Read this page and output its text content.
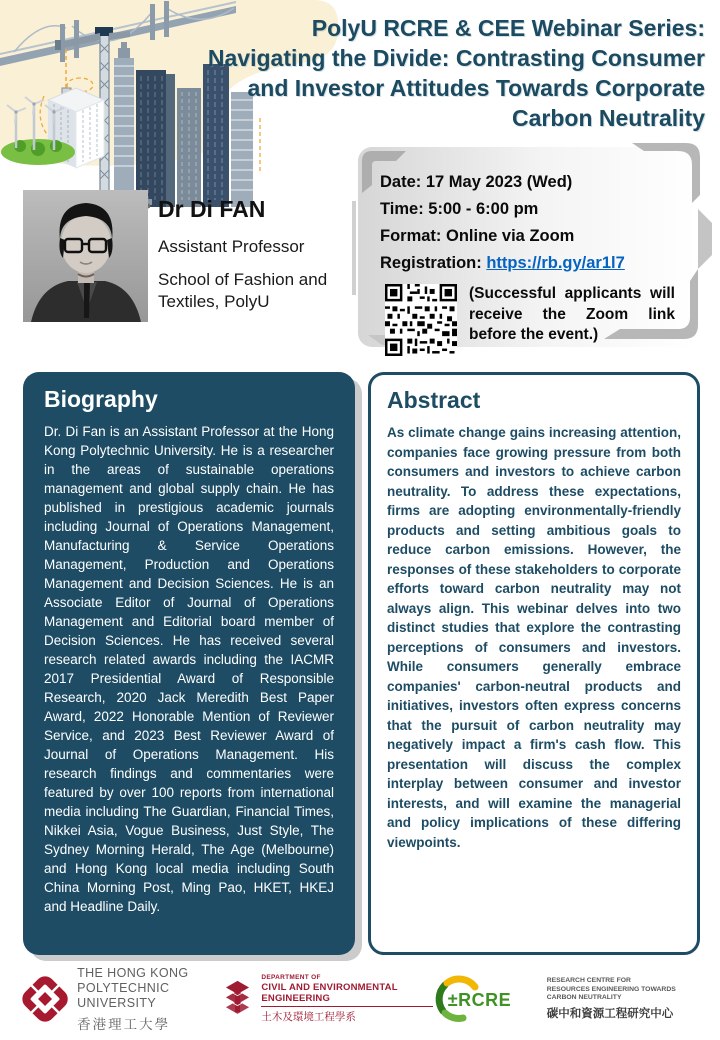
PolyU RCRE & CEE Webinar Series:
Navigating the Divide: Contrasting Consumer
and Investor Attitudes Towards Corporate
Carbon Neutrality

Dr Di FAN

Assistant Professor

School of Fashion and Textiles, PolyU

Date: 17 May 2023 (Wed)
Time: 5:00 - 6:00 pm
Format: Online via Zoom
Registration: https://rb.gy/ar1l7
(Successful applicants will receive the Zoom link before the event.)
Biography

Dr. Di Fan is an Assistant Professor at the Hong Kong Polytechnic University. He is a researcher in the areas of sustainable operations management and global supply chain. He has published in prestigious academic journals including Journal of Operations Management, Manufacturing & Service Operations Management, Production and Operations Management and Decision Sciences. He is an Associate Editor of Journal of Operations Management and Editorial board member of Decision Sciences. He has received several research related awards including the IACMR 2017 Presidential Award of Responsible Research, 2020 Jack Meredith Best Paper Award, 2022 Honorable Mention of Reviewer Service, and 2023 Best Reviewer Award of Journal of Operations Management. His research findings and commentaries were featured by over 100 reports from international media including The Guardian, Financial Times, Nikkei Asia, Vogue Business, Just Style, The Sydney Morning Herald, The Age (Melbourne) and Hong Kong local media including South China Morning Post, Ming Pao, HKET, HKEJ and Headline Daily.

Abstract

As climate change gains increasing attention, companies face growing pressure from both consumers and investors to achieve carbon neutrality. To address these expectations, firms are adopting environmentally-friendly products and setting ambitious goals to reduce carbon emissions. However, the responses of these stakeholders to corporate efforts toward carbon neutrality may not always align. This webinar delves into two distinct studies that explore the contrasting perceptions of consumers and investors. While consumers generally embrace companies' carbon-neutral products and initiatives, investors often express concerns that the pursuit of carbon neutrality may negatively impact a firm's cash flow. This presentation will discuss the complex interplay between consumer and investor interests, and will examine the managerial and policy implications of these differing viewpoints.

THE HONG KONG
POLYTECHNIC UNIVERSITY
香港理工大學
DEPARTMENT OF
CIVIL AND ENVIRONMENTAL ENGINEERING
土木及環境工程學系
±RCRE
RESEARCH CENTRE FOR
RESOURCES ENGINEERING TOWARDS CARBON NEUTRALITY
碳中和資源工程研究中心
